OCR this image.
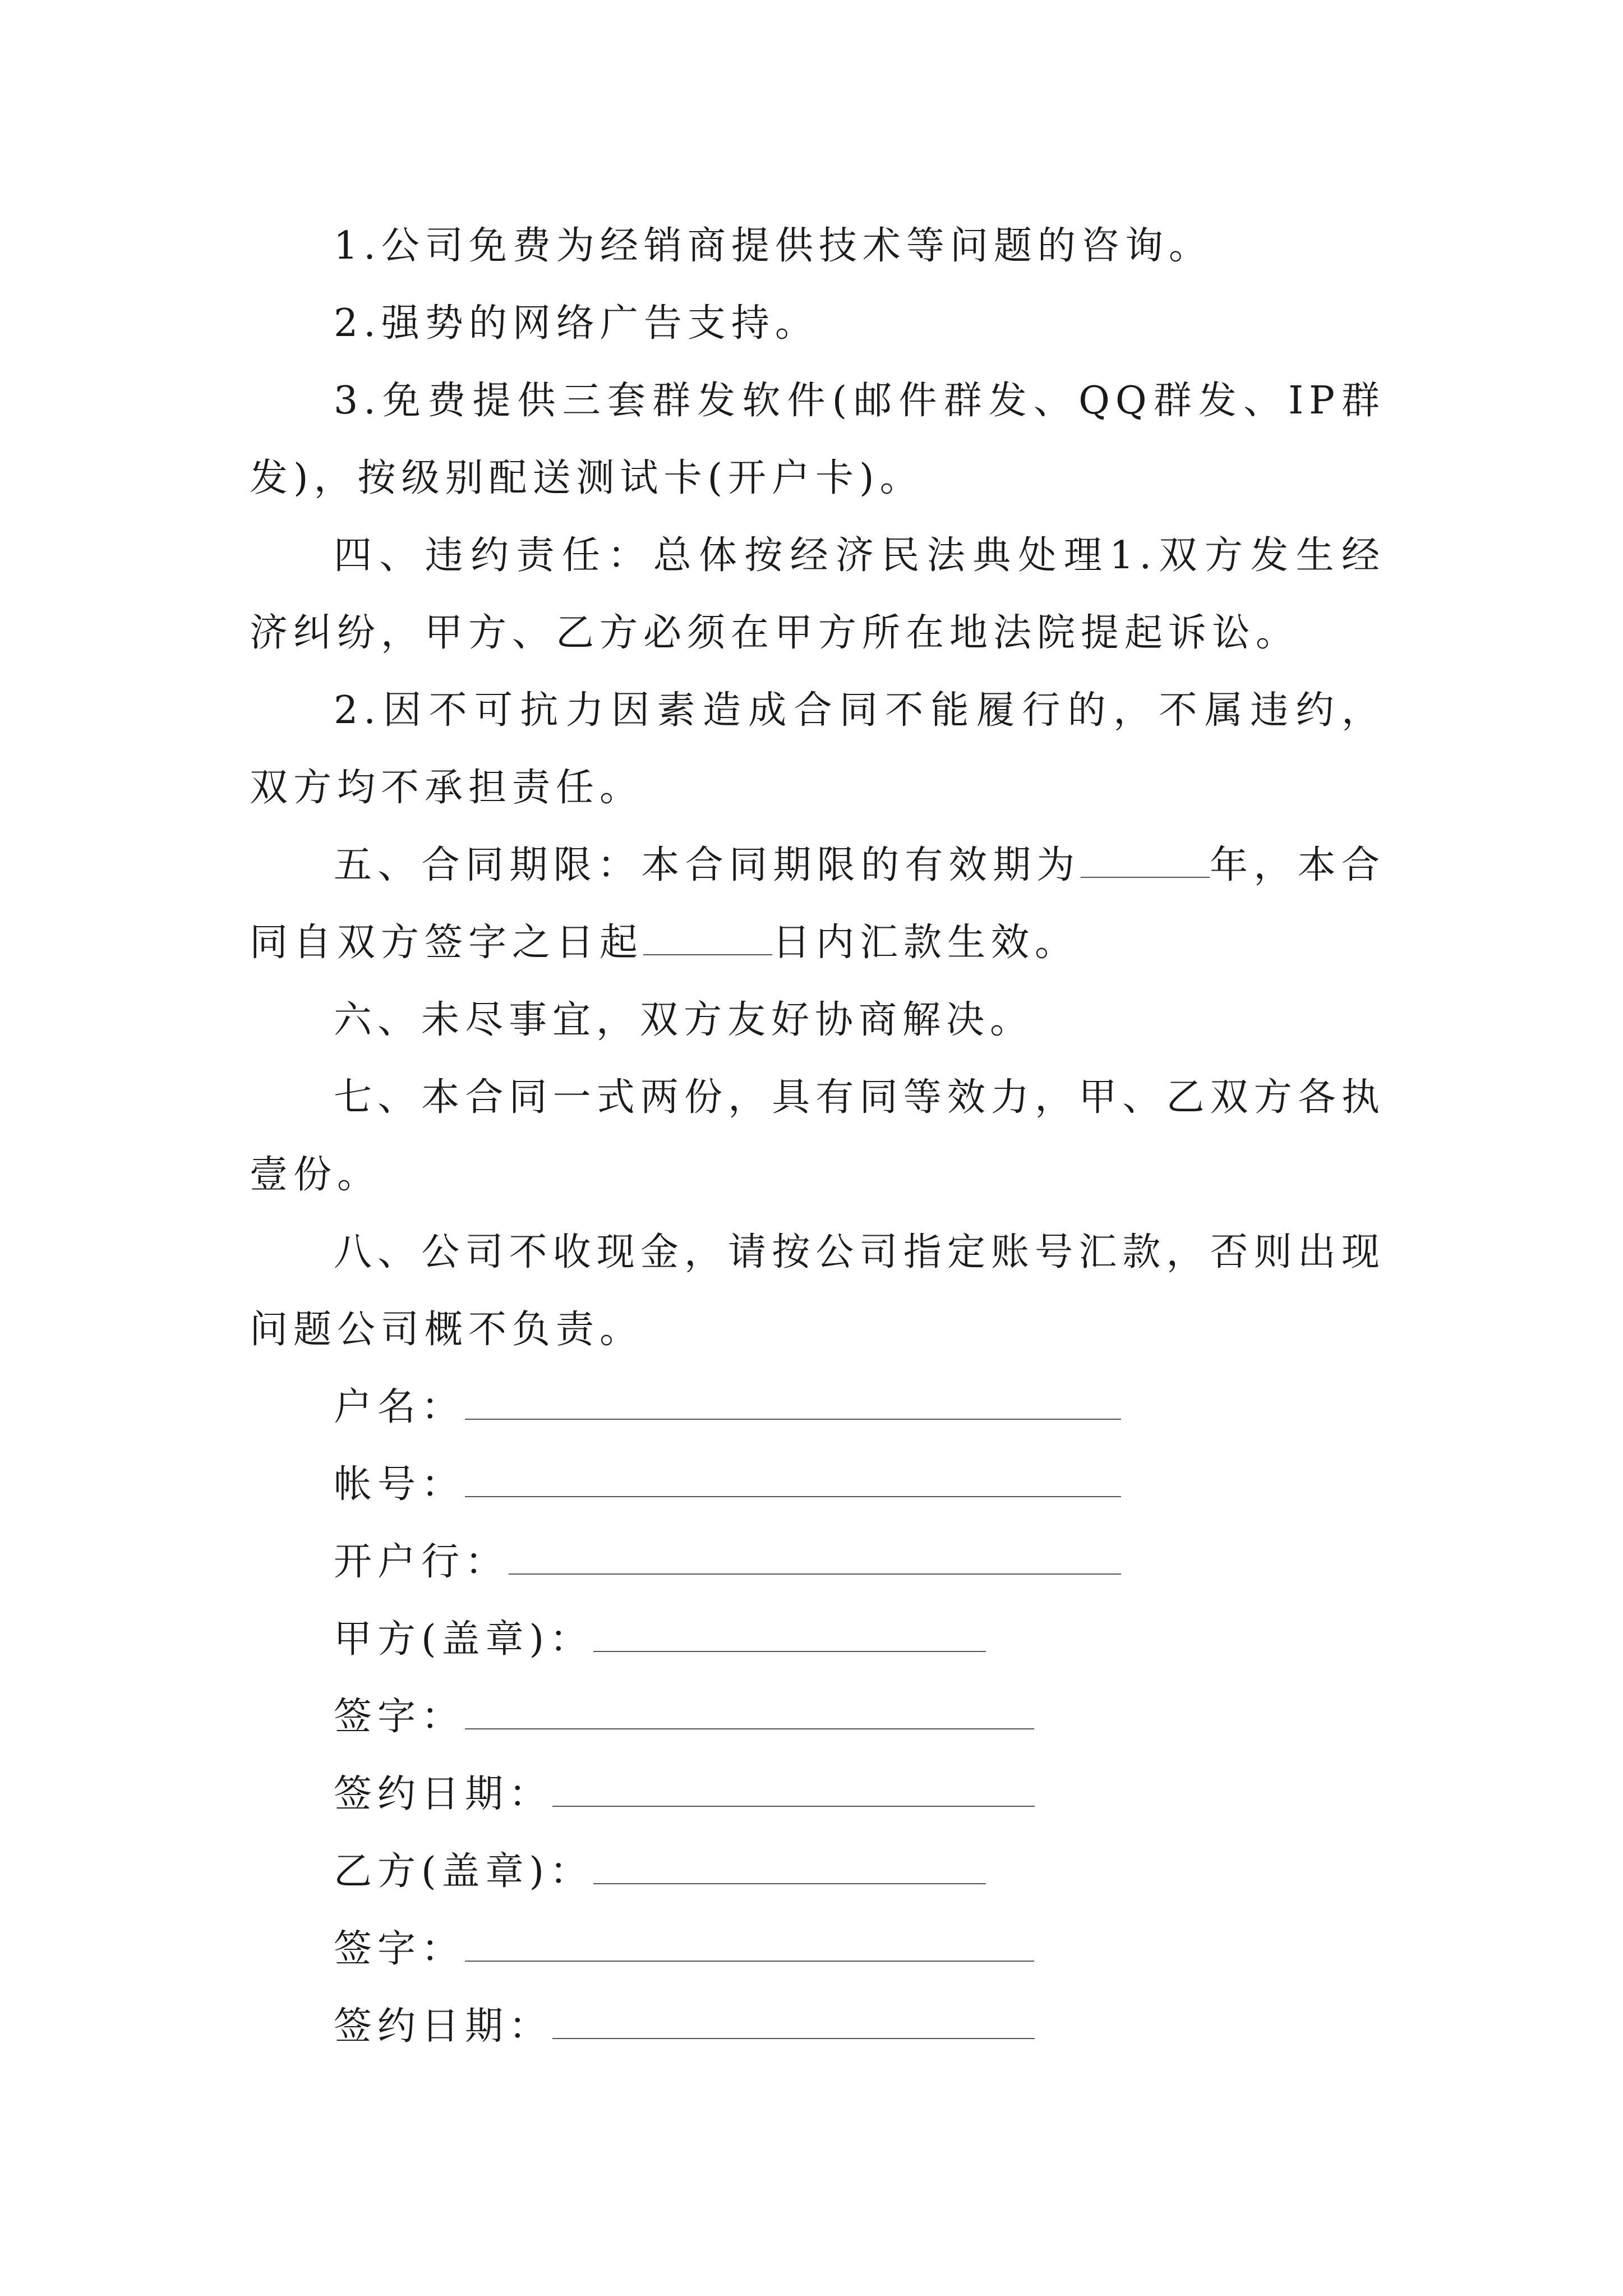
1.公司免费为经销商提供技术等问题的咨询。

2.强势的网络广告支持。

3.免费提供三套群发软件(邮件群发、QQ群发、IP群发)，按级别配送测试卡(开户卡)。

四、违约责任：总体按经济民法典处理1.双方发生经济纠纷，甲方、乙方必须在甲方所在地法院提起诉讼。

2.因不可抗力因素造成合同不能履行的，不属违约，双方均不承担责任。

五、合同期限：本合同期限的有效期为	年，本合同自双方签字之日起	日内汇款生效。

六、未尽事宜，双方友好协商解决。

七、本合同一式两份，具有同等效力，甲、乙双方各执壹份。

八、公司不收现金，请按公司指定账号汇款，否则出现问题公司概不负责。

户名：

帐号：

开户行：

甲方(盖章)：

签字：

签约日期：

乙方(盖章)：

签字：

签约日期：
